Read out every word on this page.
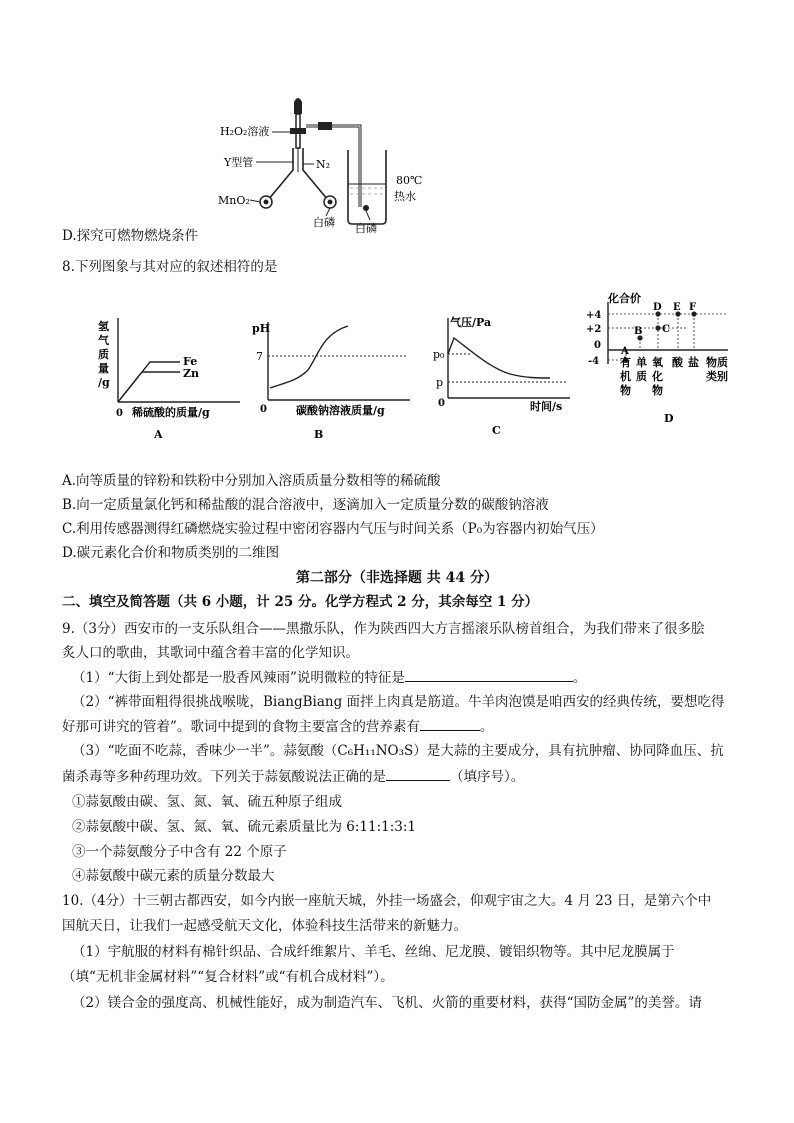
H₂O₂溶液
Y型管	N₂
MnO₂
白磷 白磷
80℃
热水
D.探究可燃物燃烧条件
8.下列图象与其对应的叙述相符的是
Fe
Zn
氢
气
质
量
/g
0 稀硫酸的质量/g
A
pH
7
0	碳酸钠溶液质量/g
B
气压/Pa
p₀
p
0	时间/s
C
+4
+2
0
-4
A
B C
D E F
化合价
有
机
物
单
质
氧
化
物
酸 盐 物质
类别
D
A.向等质量的锌粉和铁粉中分别加入溶质质量分数相等的稀硫酸
B.向一定质量氯化钙和稀盐酸的混合溶液中，逐滴加入一定质量分数的碳酸钠溶液
C.利用传感器测得红磷燃烧实验过程中密闭容器内气压与时间关系（P₀为容器内初始气压）
D.碳元素化合价和物质类别的二维图
第二部分（非选择题 共 44 分）
二、填空及简答题（共 6 小题，计 25 分。化学方程式 2 分，其余每空 1 分）
9.（3分）西安市的一支乐队组合——黑撒乐队，作为陕西四大方言摇滚乐队榜首组合，为我们带来了很多脍
炙人口的歌曲，其歌词中蕴含着丰富的化学知识。
（1）“大街上到处都是一股香风辣雨”说明微粒的特征是	。
（2）“裤带面粗得很挑战喉咙，BiangBiang 面拌上肉真是筋道。牛羊肉泡馍是咱西安的经典传统，要想吃得
好那可讲究的管着”。歌词中提到的食物主要富含的营养素有	。
（3）“吃面不吃蒜，香味少一半”。蒜氨酸（C₆H₁₁NO₃S）是大蒜的主要成分，具有抗肿瘤、协同降血压、抗
菌杀毒等多种药理功效。下列关于蒜氨酸说法正确的是	（填序号）。
①蒜氨酸由碳、氢、氮、氧、硫五种原子组成
②蒜氨酸中碳、氢、氮、氧、硫元素质量比为 6:11:1:3:1
③一个蒜氨酸分子中含有 22 个原子
④蒜氨酸中碳元素的质量分数最大
10.（4分）十三朝古都西安，如今内嵌一座航天城，外挂一场盛会，仰观宇宙之大。4 月 23 日，是第六个中
国航天日，让我们一起感受航天文化，体验科技生活带来的新魅力。
（1）宇航服的材料有棉针织品、合成纤维絮片、羊毛、丝绵、尼龙膜、镀铝织物等。其中尼龙膜属于
（填“无机非金属材料”“复合材料”或“有机合成材料”）。
（2）镁合金的强度高、机械性能好，成为制造汽车、飞机、火箭的重要材料，获得“国防金属”的美誉。请
